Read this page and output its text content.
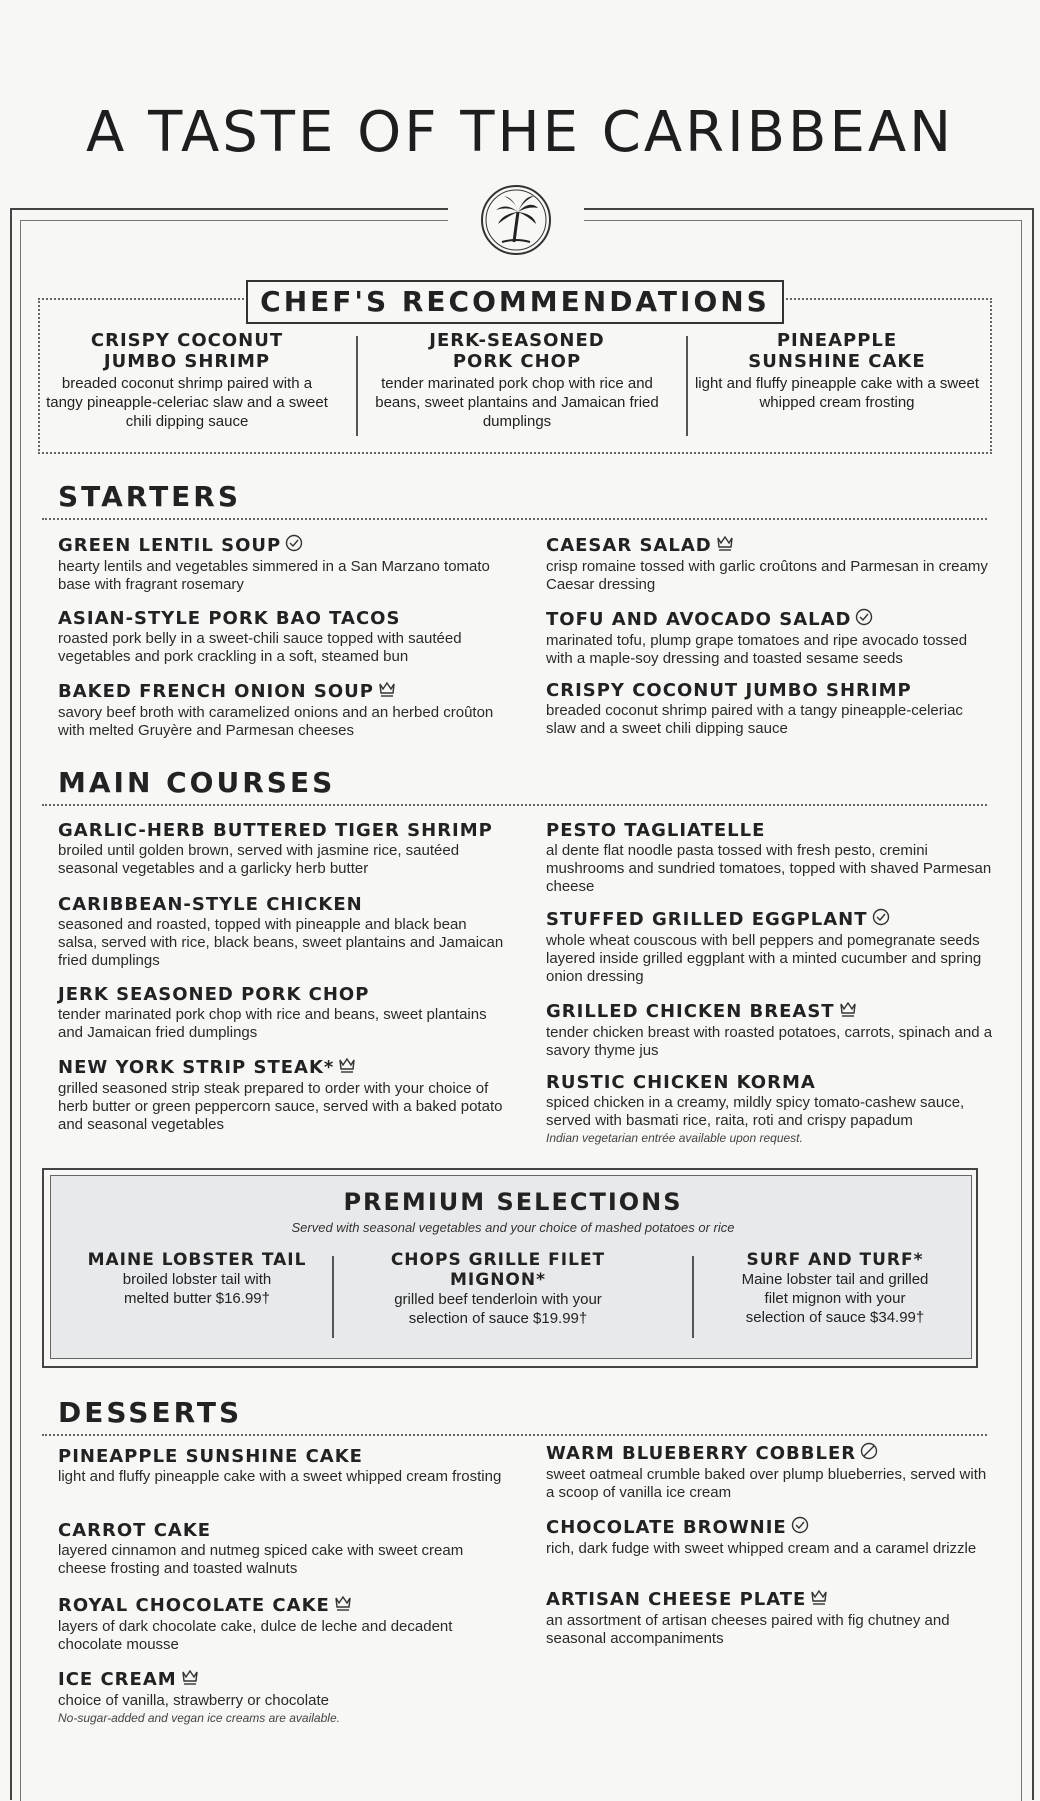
A TASTE OF THE CARIBBEAN
CHEF'S RECOMMENDATIONS
CRISPY COCONUT
JUMBO SHRIMP
breaded coconut shrimp paired with a tangy pineapple-celeriac slaw and a sweet chili dipping sauce
JERK-SEASONED
PORK CHOP
tender marinated pork chop with rice and beans, sweet plantains and Jamaican fried dumplings
PINEAPPLE
SUNSHINE CAKE
light and fluffy pineapple cake with a sweet whipped cream frosting
STARTERS
GREEN LENTIL SOUP
hearty lentils and vegetables simmered in a San Marzano tomato base with fragrant rosemary
ASIAN-STYLE PORK BAO TACOS
roasted pork belly in a sweet-chili sauce topped with sautéed vegetables and pork crackling in a soft, steamed bun
BAKED FRENCH ONION SOUP
savory beef broth with caramelized onions and an herbed croûton with melted Gruyère and Parmesan cheeses
CAESAR SALAD
crisp romaine tossed with garlic croûtons and Parmesan in creamy Caesar dressing
TOFU AND AVOCADO SALAD
marinated tofu, plump grape tomatoes and ripe avocado tossed with a maple-soy dressing and toasted sesame seeds
CRISPY COCONUT JUMBO SHRIMP
breaded coconut shrimp paired with a tangy pineapple-celeriac slaw and a sweet chili dipping sauce
MAIN COURSES
GARLIC-HERB BUTTERED TIGER SHRIMP
broiled until golden brown, served with jasmine rice, sautéed seasonal vegetables and a garlicky herb butter
CARIBBEAN-STYLE CHICKEN
seasoned and roasted, topped with pineapple and black bean salsa, served with rice, black beans, sweet plantains and Jamaican fried dumplings
JERK SEASONED PORK CHOP
tender marinated pork chop with rice and beans, sweet plantains and Jamaican fried dumplings
NEW YORK STRIP STEAK*
grilled seasoned strip steak prepared to order with your choice of herb butter or green peppercorn sauce, served with a baked potato and seasonal vegetables
PESTO TAGLIATELLE
al dente flat noodle pasta tossed with fresh pesto, cremini mushrooms and sundried tomatoes, topped with shaved Parmesan cheese
STUFFED GRILLED EGGPLANT
whole wheat couscous with bell peppers and pomegranate seeds layered inside grilled eggplant with a minted cucumber and spring onion dressing
GRILLED CHICKEN BREAST
tender chicken breast with roasted potatoes, carrots, spinach and a savory thyme jus
RUSTIC CHICKEN KORMA
spiced chicken in a creamy, mildly spicy tomato-cashew sauce, served with basmati rice, raita, roti and crispy papadum
Indian vegetarian entrée available upon request.
PREMIUM SELECTIONS
Served with seasonal vegetables and your choice of mashed potatoes or rice
MAINE LOBSTER TAIL
broiled lobster tail with melted butter $16.99†
CHOPS GRILLE FILET MIGNON*
grilled beef tenderloin with your selection of sauce $19.99†
SURF AND TURF*
Maine lobster tail and grilled filet mignon with your selection of sauce $34.99†
DESSERTS
PINEAPPLE SUNSHINE CAKE
light and fluffy pineapple cake with a sweet whipped cream frosting
CARROT CAKE
layered cinnamon and nutmeg spiced cake with sweet cream cheese frosting and toasted walnuts
ROYAL CHOCOLATE CAKE
layers of dark chocolate cake, dulce de leche and decadent chocolate mousse
ICE CREAM
choice of vanilla, strawberry or chocolate
No-sugar-added and vegan ice creams are available.
WARM BLUEBERRY COBBLER
sweet oatmeal crumble baked over plump blueberries, served with a scoop of vanilla ice cream
CHOCOLATE BROWNIE
rich, dark fudge with sweet whipped cream and a caramel drizzle
ARTISAN CHEESE PLATE
an assortment of artisan cheeses paired with fig chutney and seasonal accompaniments
